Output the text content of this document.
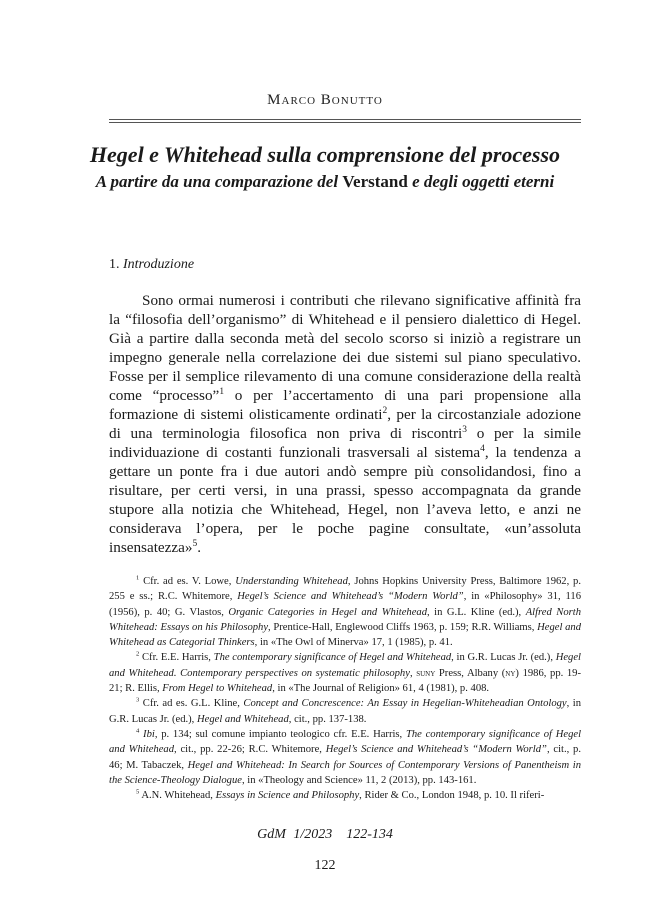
Marco Bonutto
Hegel e Whitehead sulla comprensione del processo
A partire da una comparazione del Verstand e degli oggetti eterni
1. Introduzione

Sono ormai numerosi i contributi che rilevano significative affinità fra la “filosofia dell’organismo” di Whitehead e il pensiero dialettico di Hegel. Già a partire dalla seconda metà del secolo scorso si iniziò a registrare un impegno generale nella correlazione dei due sistemi sul piano speculativo. Fosse per il semplice rilevamento di una comune considerazione della realtà come “processo”$^1$ o per l’accertamento di una pari propensione alla formazione di sistemi olisticamente ordinati$^2$, per la circostanziale adozione di una terminologia filosofica non priva di riscontri$^3$ o per la simile individuazione di costanti funzionali trasversali al sistema$^4$, la tendenza a gettare un ponte fra i due autori andò sempre più consolidandosi, fino a risultare, per certi versi, in una prassi, spesso accompagnata da grande stupore alla notizia che Whitehead, Hegel, non l’aveva letto, e anzi ne considerava l’opera, per le poche pagine consultate, «un’assoluta insensatezza»$^5$.

$^1$ Cfr. ad es. V. Lowe, Understanding Whitehead, Johns Hopkins University Press, Baltimore 1962, p. 255 e ss.; R.C. Whitemore, Hegel’s Science and Whitehead’s “Modern World”, in «Philosophy» 31, 116 (1956), p. 40; G. Vlastos, Organic Categories in Hegel and Whitehead, in G.L. Kline (ed.), Alfred North Whitehead: Essays on his Philosophy, Prentice-Hall, Englewood Cliffs 1963, p. 159; R.R. Williams, Hegel and Whitehead as Categorial Thinkers, in «The Owl of Minerva» 17, 1 (1985), p. 41.

$^2$ Cfr. E.E. Harris, The contemporary significance of Hegel and Whitehead, in G.R. Lucas Jr. (ed.), Hegel and Whitehead. Contemporary perspectives on systematic philosophy, suny Press, Albany (ny) 1986, pp. 19-21; R. Ellis, From Hegel to Whitehead, in «The Journal of Religion» 61, 4 (1981), p. 408.

$^3$ Cfr. ad es. G.L. Kline, Concept and Concrescence: An Essay in Hegelian-Whiteheadian Ontology, in G.R. Lucas Jr. (ed.), Hegel and Whitehead, cit., pp. 137-138.

$^4$ Ibi, p. 134; sul comune impianto teologico cfr. E.E. Harris, The contemporary significance of Hegel and Whitehead, cit., pp. 22-26; R.C. Whitemore, Hegel’s Science and Whitehead’s “Modern World”, cit., p. 46; M. Tabaczek, Hegel and Whitehead: In Search for Sources of Contemporary Versions of Panentheism in the Science-Theology Dialogue, in «Theology and Science» 11, 2 (2013), pp. 143-161.

$^5$ A.N. Whitehead, Essays in Science and Philosophy, Rider & Co., London 1948, p. 10. Il riferi-

GdM 1/2023 122-134
122
